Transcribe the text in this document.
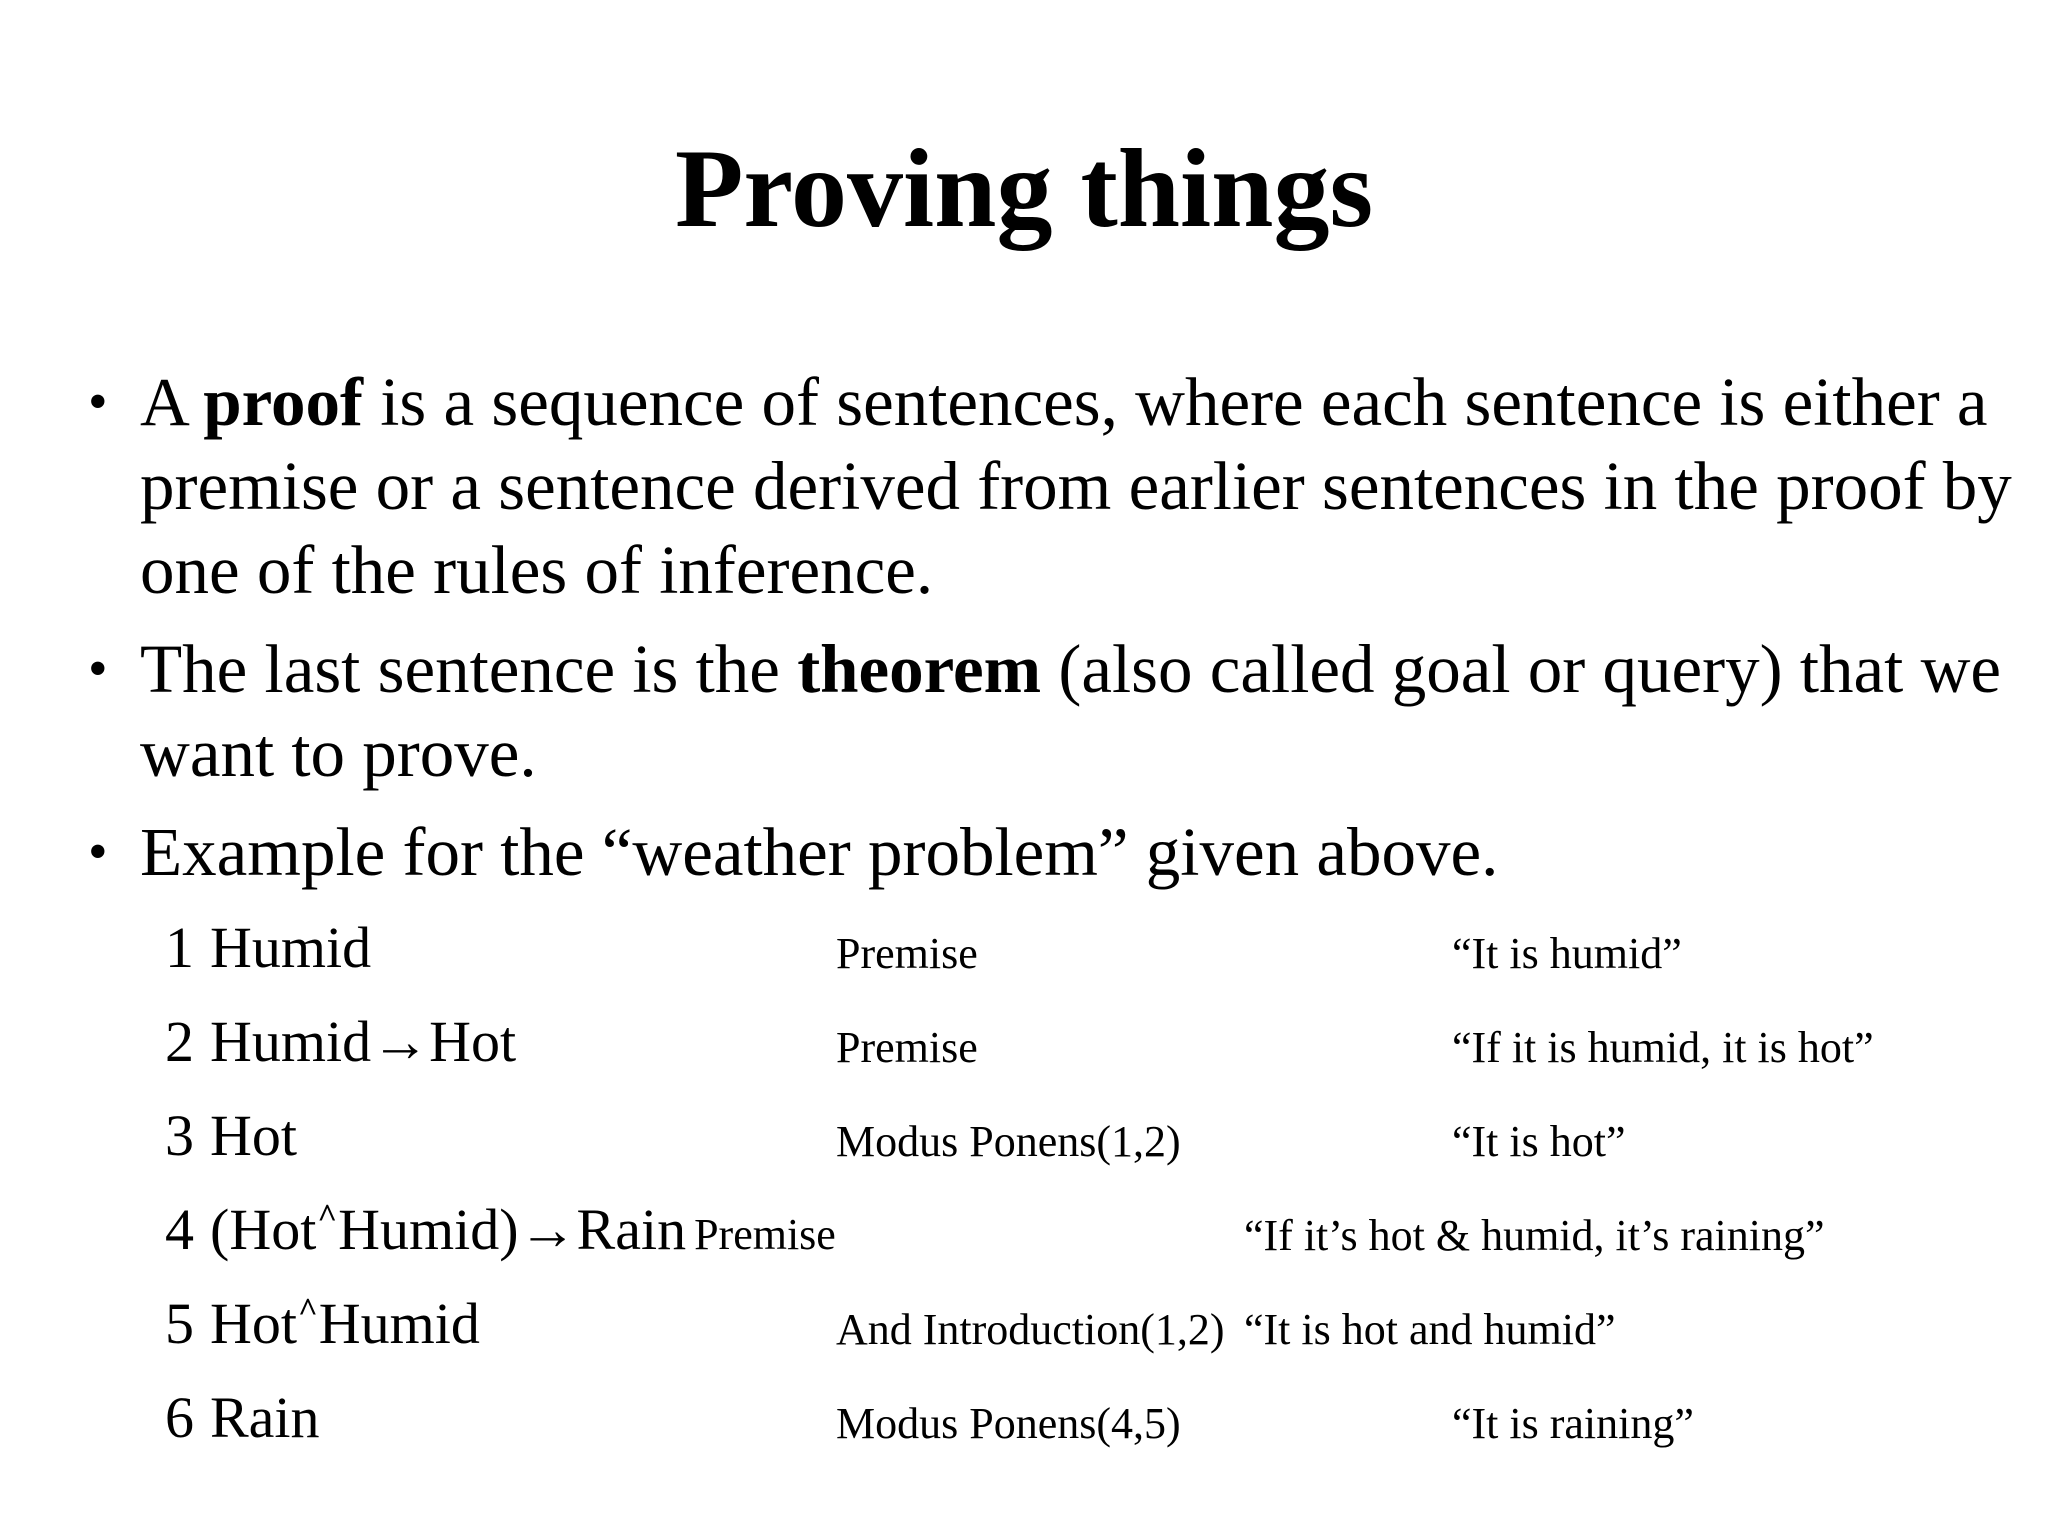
Proving things
• A proof is a sequence of sentences, where each sentence is either a premise or a sentence derived from earlier sentences in the proof by one of the rules of inference.
• The last sentence is the theorem (also called goal or query) that we want to prove.
• Example for the “weather problem” given above.
1 Humid	Premise	“It is humid”
2 Humid→Hot	Premise	“If it is humid, it is hot”
3 Hot	Modus Ponens(1,2)	“It is hot”
4 (Hot^Humid)→Rain Premise	“If it’s hot & humid, it’s raining”
5 Hot^Humid	And Introduction(1,2) “It is hot and humid”
6 Rain	Modus Ponens(4,5)	“It is raining”
